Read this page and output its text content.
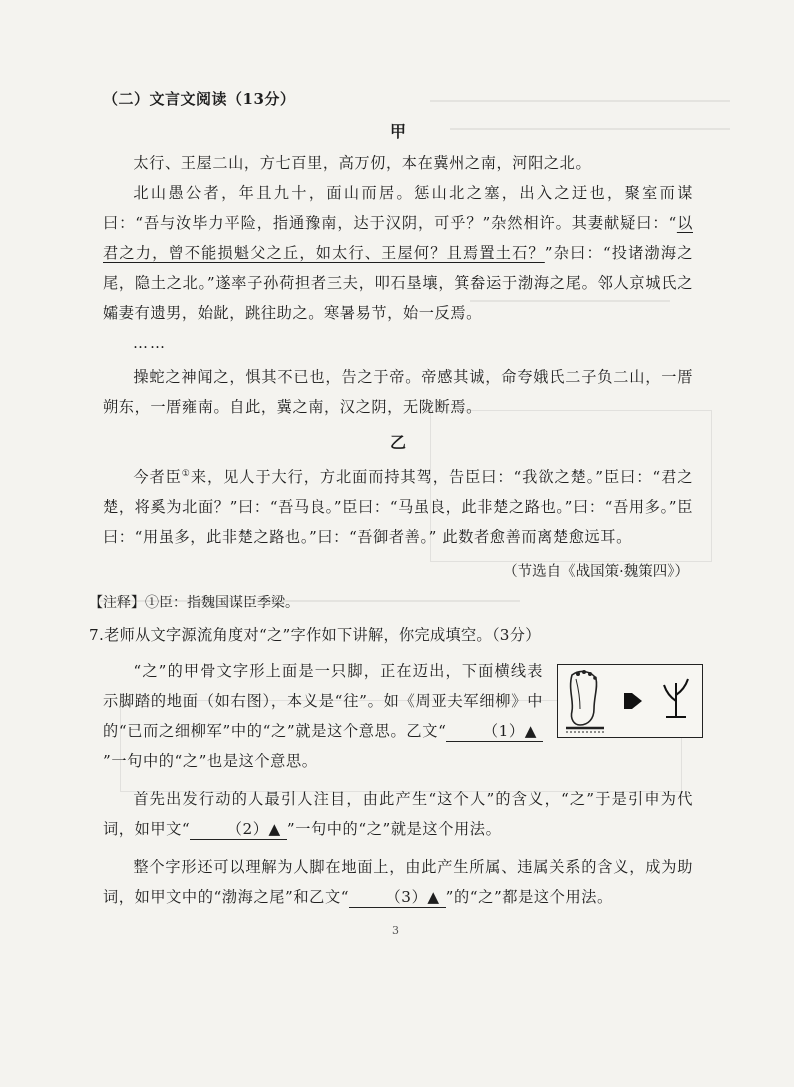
（二）文言文阅读（13分）

甲

太行、王屋二山，方七百里，高万仞，本在冀州之南，河阳之北。

北山愚公者，年且九十，面山而居。惩山北之塞，出入之迂也，聚室而谋曰：“吾与汝毕力平险，指通豫南，达于汉阴，可乎？”杂然相许。其妻献疑曰：“以君之力，曾不能损魁父之丘，如太行、王屋何？且焉置土石？”杂曰：“投诸渤海之尾，隐土之北。”遂率子孙荷担者三夫，叩石垦壤，箕畚运于渤海之尾。邻人京城氏之孀妻有遗男，始龀，跳往助之。寒暑易节，始一反焉。

……

操蛇之神闻之，惧其不已也，告之于帝。帝感其诚，命夸娥氏二子负二山，一厝朔东，一厝雍南。自此，冀之南，汉之阴，无陇断焉。

乙

今者臣①来，见人于大行，方北面而持其驾，告臣曰：“我欲之楚。”臣曰：“君之楚，将奚为北面？”曰：“吾马良。”臣曰：“马虽良，此非楚之路也。”曰：“吾用多。”臣曰：“用虽多，此非楚之路也。”曰：“吾御者善。” 此数者愈善而离楚愈远耳。

（节选自《战国策·魏策四》）

【注释】①臣：指魏国谋臣季梁。

7.老师从文字源流角度对“之”字作如下讲解，你完成填空。（3分）

“之”的甲骨文字形上面是一只脚，正在迈出，下面横线表示脚踏的地面（如右图），本义是“往”。如《周亚夫军细柳》中的“已而之细柳军”中的“之”就是这个意思。乙文“ （1）▲”一句中的“之”也是这个意思。

首先出发行动的人最引人注目，由此产生“这个人”的含义，“之”于是引申为代词，如甲文“ （2）▲ ”一句中的“之”就是这个用法。

整个字形还可以理解为人脚在地面上，由此产生所属、违属关系的含义，成为助词，如甲文中的“渤海之尾”和乙文“ （3）▲ ”的“之”都是这个用法。

3
